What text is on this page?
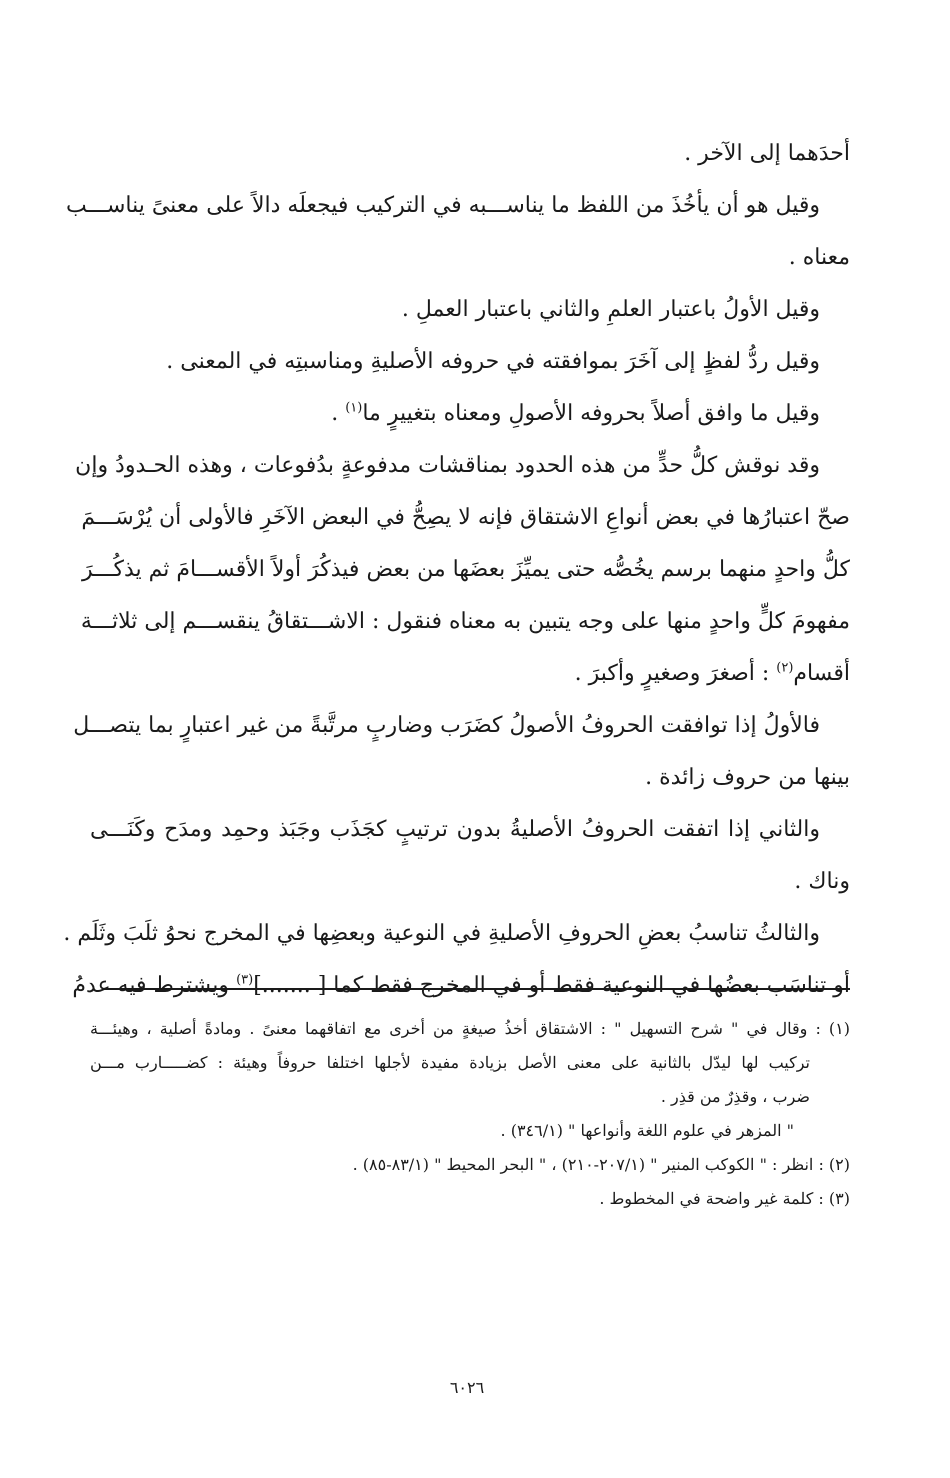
أحدَهما إلى الآخر .
وقيل هو أن يأخُذَ من اللفظ ما يناســـبه في التركيب فيجعلَه دالاً على معنىً يناســـب
معناه .
وقيل الأولُ باعتبار العلمِ والثاني باعتبار العملِ .
وقيل ردُّ لفظٍ إلى آخَرَ بموافقته في حروفه الأصليةِ ومناسبتِه في المعنى .
وقيل ما وافق أصلاً بحروفه الأصولِ ومعناه بتغييرٍ ما$^{(١)}$ .
وقد نوقش كلُّ حدٍّ من هذه الحدود بمناقشات مدفوعةٍ بدُفوعات ، وهذه الحـدودُ وإن
صحّ اعتبارُها في بعض أنواعِ الاشتقاق فإنه لا يصِحُّ في البعض الآخَرِ فالأولى أن يُرْسَـــمَ
كلُّ واحدٍ منهما برسم يخُصُّه حتى يميِّزَ بعضَها من بعض فيذكُرَ أولاً الأقســـامَ ثم يذكُـــرَ
مفهومَ كلٍّ واحدٍ منها على وجه يتبين به معناه فنقول : الاشـــتقاقُ ينقســـم إلى ثلاثـــة
أقسام$^{(٢)}$ : أصغرَ وصغيرٍ وأكبرَ .
فالأولُ إذا توافقت الحروفُ الأصولُ كضَرَب وضاربٍ مرتَّبةً من غير اعتبارٍ بما يتصـــل
بينها من حروف زائدة .
والثاني إذا اتفقت الحروفُ الأصليةُ بدون ترتيبٍ كجَذَب وجَبَذ وحمِد ومدَح وكَنَـــى
وناك .
والثالثُ تناسبُ بعضِ الحروفِ الأصليةِ في النوعية وبعضِها في المخرج نحوُ ثلَبَ وثَلَم .
أو تناسَب بعضُها في النوعية فقط أو في المخرج فقط كما [ .......]$^{(٣)}$ ويشترط فيه عدمُ
(١) : وقال في " شرح التسهيل " : الاشتقاق أخذُ صيغةٍ من أخرى مع اتفاقهما معنىً . ومادةً أصلية ، وهيئـــة
تركيب لها ليدّل بالثانية على معنى الأصل بزيادة مفيدة لأجلها اختلفا حروفاً وهيئة : كضـــــارب مـــن
ضرب ، وقذِرٌ من قذِر .
" المزهر في علوم اللغة وأنواعها " (٣٤٦/١) .
(٢) : انظر : " الكوكب المنير " (٢٠٧/١-٢١٠) ، " البحر المحيط " (٨٣/١-٨٥) .
(٣) : كلمة غير واضحة في المخطوط .
٦٠٢٦
